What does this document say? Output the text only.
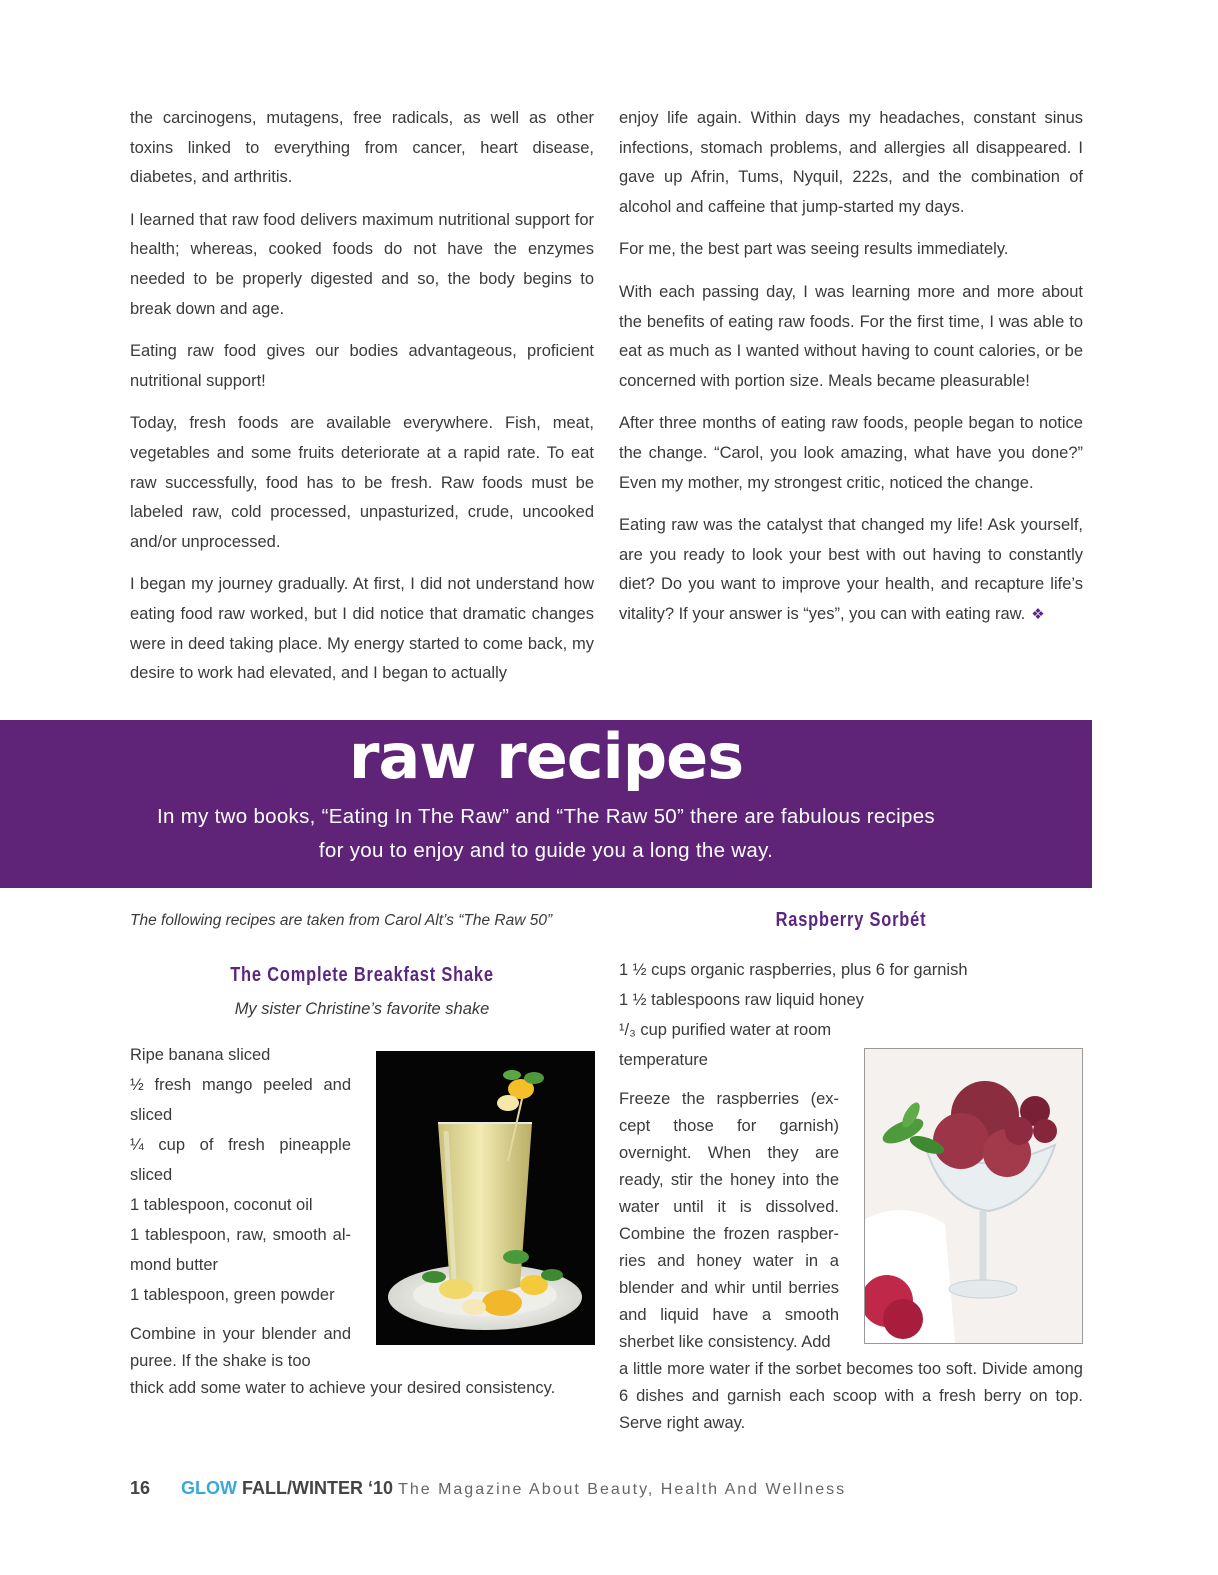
the carcinogens, mutagens, free radicals, as well as other toxins linked to everything from cancer, heart disease, diabetes, and arthritis.

I learned that raw food delivers maximum nutritional support for health; whereas, cooked foods do not have the enzymes needed to be properly digested and so, the body begins to break down and age.

Eating raw food gives our bodies advantageous, proficient nutritional support!

Today, fresh foods are available everywhere. Fish, meat, vegetables and some fruits deteriorate at a rapid rate. To eat raw successfully, food has to be fresh. Raw foods must be labeled raw, cold processed, unpasturized, crude, uncooked and/or unprocessed.

I began my journey gradually. At first, I did not understand how eating food raw worked, but I did notice that dramatic changes were in deed taking place. My energy started to come back, my desire to work had elevated, and I began to actually

enjoy life again. Within days my headaches, constant sinus infections, stomach problems, and allergies all disappeared. I gave up Afrin, Tums, Nyquil, 222s, and the combination of alcohol and caffeine that jump-started my days.

For me, the best part was seeing results immediately.

With each passing day, I was learning more and more about the benefits of eating raw foods. For the first time, I was able to eat as much as I wanted without having to count calories, or be concerned with portion size. Meals became pleasurable!

After three months of eating raw foods, people began to notice the change. “Carol, you look amazing, what have you done?” Even my mother, my strongest critic, noticed the change.

Eating raw was the catalyst that changed my life! Ask yourself, are you ready to look your best with out having to constantly diet? Do you want to improve your health, and recapture life’s vitality? If your answer is “yes”, you can with eating raw. ❖

raw recipes
In my two books, “Eating In The Raw” and “The Raw 50” there are fabulous recipes
for you to enjoy and to guide you a long the way.
The following recipes are taken from Carol Alt’s “The Raw 50”
The Complete Breakfast Shake
My sister Christine’s favorite shake
Ripe banana sliced
½ fresh mango peeled and sliced
¼ cup of fresh pineapple sliced
1 tablespoon, coconut oil
1 tablespoon, raw, smooth al-mond butter
1 tablespoon, green powder

Combine in your blender and puree. If the shake is too

thick add some water to achieve your desired consistency.

Raspberry Sorbét
1 ½ cups organic raspberries, plus 6 for garnish
1 ½ tablespoons raw liquid honey
¹/₃ cup purified water at room temperature

Freeze the raspberries (ex-cept those for garnish) overnight. When they are ready, stir the honey into the water until it is dissolved. Combine the frozen raspber-ries and honey water in a blender and whir until berries and liquid have a smooth sherbet like consistency. Add

a little more water if the sorbet becomes too soft. Divide among 6 dishes and garnish each scoop with a fresh berry on top. Serve right away.

16 GLOW FALL/WINTER ‘10 The Magazine About Beauty, Health And Wellness
